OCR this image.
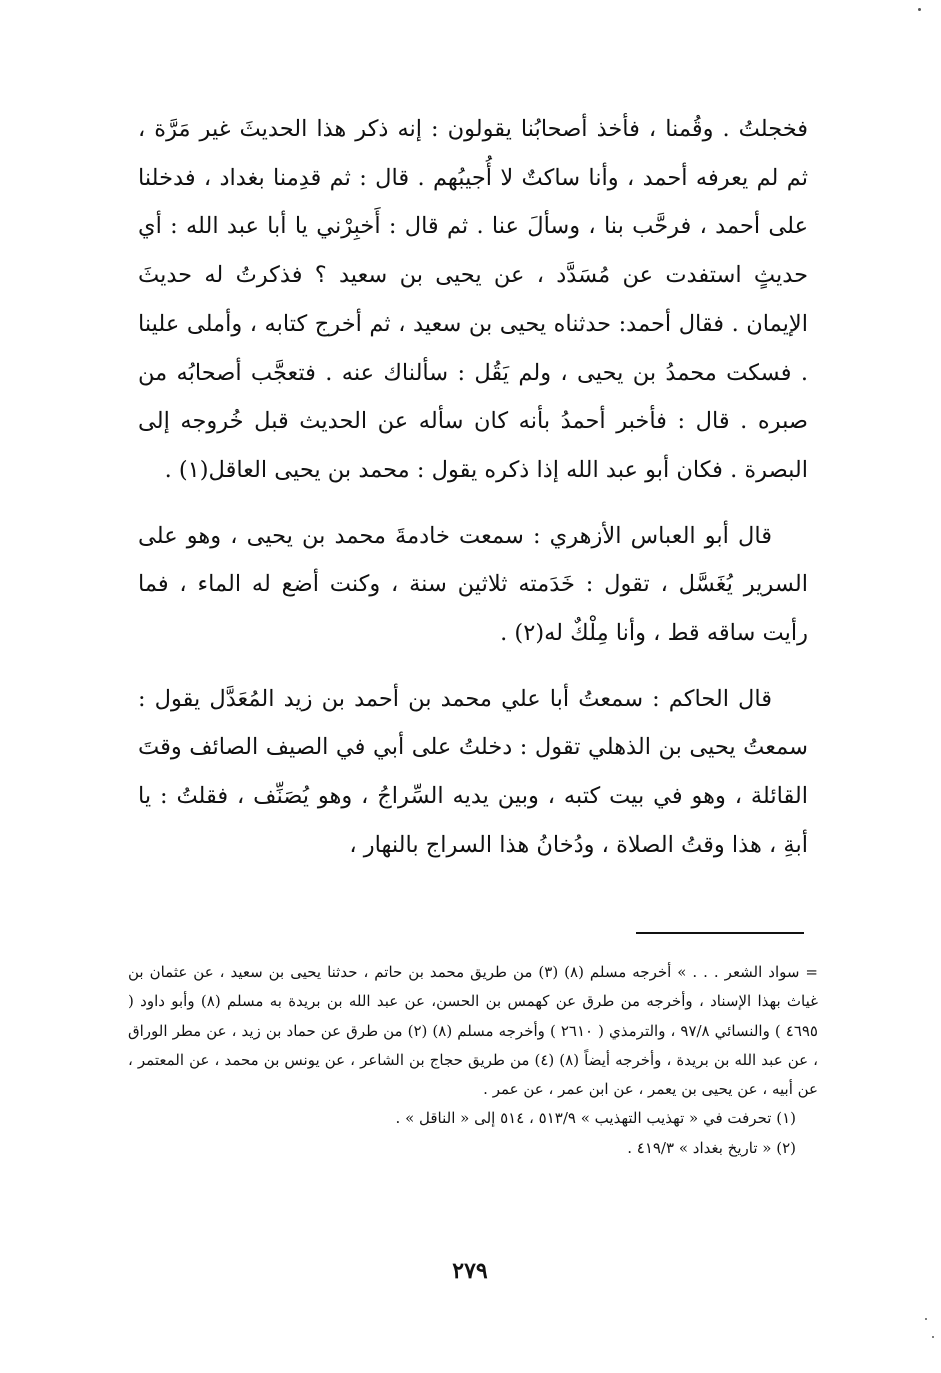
فخجلتُ . وقُمنا ، فأخذ أصحابُنا يقولون : إنه ذكر هذا الحديثَ غير مَرَّة ، ثم لم يعرفه أحمد ، وأنا ساكتٌ لا أُجيبُهم . قال : ثم قدِمنا بغداد ، فدخلنا على أحمد ، فرحَّب بنا ، وسألَ عنا . ثم قال : أَخبِرْني يا أبا عبد الله : أي حديثٍ استفدت عن مُسَدَّد ، عن يحيى بن سعيد ؟ فذكرتُ له حديثَ الإيمان . فقال أحمد: حدثناه يحيى بن سعيد ، ثم أخرج كتابه ، وأملى علينا . فسكت محمدُ بن يحيى ، ولم يَقُل : سألناك عنه . فتعجَّب أصحابُه من صبره . قال : فأخبر أحمدُ بأنه كان سأله عن الحديث قبل خُروجه إلى البصرة . فكان أبو عبد الله إذا ذكره يقول : محمد بن يحيى العاقل(١) .

قال أبو العباس الأزهري : سمعت خادمةَ محمد بن يحيى ، وهو على السرير يُغَسَّل ، تقول : خَدَمته ثلاثين سنة ، وكنت أضع له الماء ، فما رأيت ساقه قط ، وأنا مِلْكٌ له(٢) .

قال الحاكم : سمعتُ أبا علي محمد بن أحمد بن زيد المُعَدَّل يقول : سمعتُ يحيى بن الذهلي تقول : دخلتُ على أبي في الصيف الصائف وقتَ القائلة ، وهو في بيت كتبه ، وبين يديه السِّراجُ ، وهو يُصَنِّف ، فقلتُ : يا أبةِ ، هذا وقتُ الصلاة ، ودُخانُ هذا السراج بالنهار ،

= سواد الشعر . . . » أخرجه مسلم (٨) (٣) من طريق محمد بن حاتم ، حدثنا يحيى بن سعيد ، عن عثمان بن غياث بهذا الإسناد ، وأخرجه من طرق عن كهمس بن الحسن، عن عبد الله بن بريدة به مسلم (٨) وأبو داود ( ٤٦٩٥ ) والنسائي ٩٧/٨ ، والترمذي ( ٢٦١٠ ) وأخرجه مسلم (٨) (٢) من طرق عن حماد بن زيد ، عن مطر الوراق ، عن عبد الله بن بريدة ، وأخرجه أيضاً (٨) (٤) من طريق حجاج بن الشاعر ، عن يونس بن محمد ، عن المعتمر ، عن أبيه ، عن يحيى بن يعمر ، عن ابن عمر ، عن عمر .

(١) تحرفت في « تهذيب التهذيب » ٥١٣/٩ ، ٥١٤ إلى « الناقل » .

(٢) « تاريخ بغداد » ٤١٩/٣ .

٢٧٩
